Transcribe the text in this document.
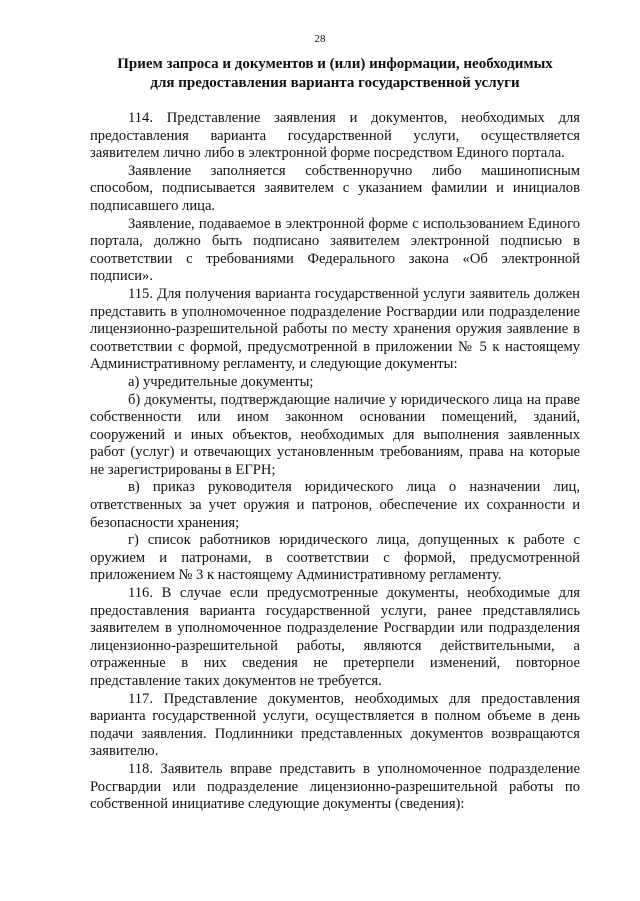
28
Прием запроса и документов и (или) информации, необходимых
для предоставления варианта государственной услуги

114. Представление заявления и документов, необходимых для предоставления варианта государственной услуги, осуществляется заявителем лично либо в электронной форме посредством Единого портала.

Заявление заполняется собственноручно либо машинописным способом, подписывается заявителем с указанием фамилии и инициалов подписавшего лица.

Заявление, подаваемое в электронной форме с использованием Единого портала, должно быть подписано заявителем электронной подписью в соответствии с требованиями Федерального закона «Об электронной подписи».

115. Для получения варианта государственной услуги заявитель должен представить в уполномоченное подразделение Росгвардии или подразделение лицензионно-разрешительной работы по месту хранения оружия заявление в соответствии с формой, предусмотренной в приложении № 5 к настоящему Административному регламенту, и следующие документы:

а) учредительные документы;

б) документы, подтверждающие наличие у юридического лица на праве собственности или ином законном основании помещений, зданий, сооружений и иных объектов, необходимых для выполнения заявленных работ (услуг) и отвечающих установленным требованиям, права на которые не зарегистрированы в ЕГРН;

в) приказ руководителя юридического лица о назначении лиц, ответственных за учет оружия и патронов, обеспечение их сохранности и безопасности хранения;

г) список работников юридического лица, допущенных к работе с оружием и патронами, в соответствии с формой, предусмотренной приложением № 3 к настоящему Административному регламенту.

116. В случае если предусмотренные документы, необходимые для предоставления варианта государственной услуги, ранее представлялись заявителем в уполномоченное подразделение Росгвардии или подразделения лицензионно-разрешительной работы, являются действительными, а отраженные в них сведения не претерпели изменений, повторное представление таких документов не требуется.

117. Представление документов, необходимых для предоставления варианта государственной услуги, осуществляется в полном объеме в день подачи заявления. Подлинники представленных документов возвращаются заявителю.

118. Заявитель вправе представить в уполномоченное подразделение Росгвардии или подразделение лицензионно-разрешительной работы по собственной инициативе следующие документы (сведения):
